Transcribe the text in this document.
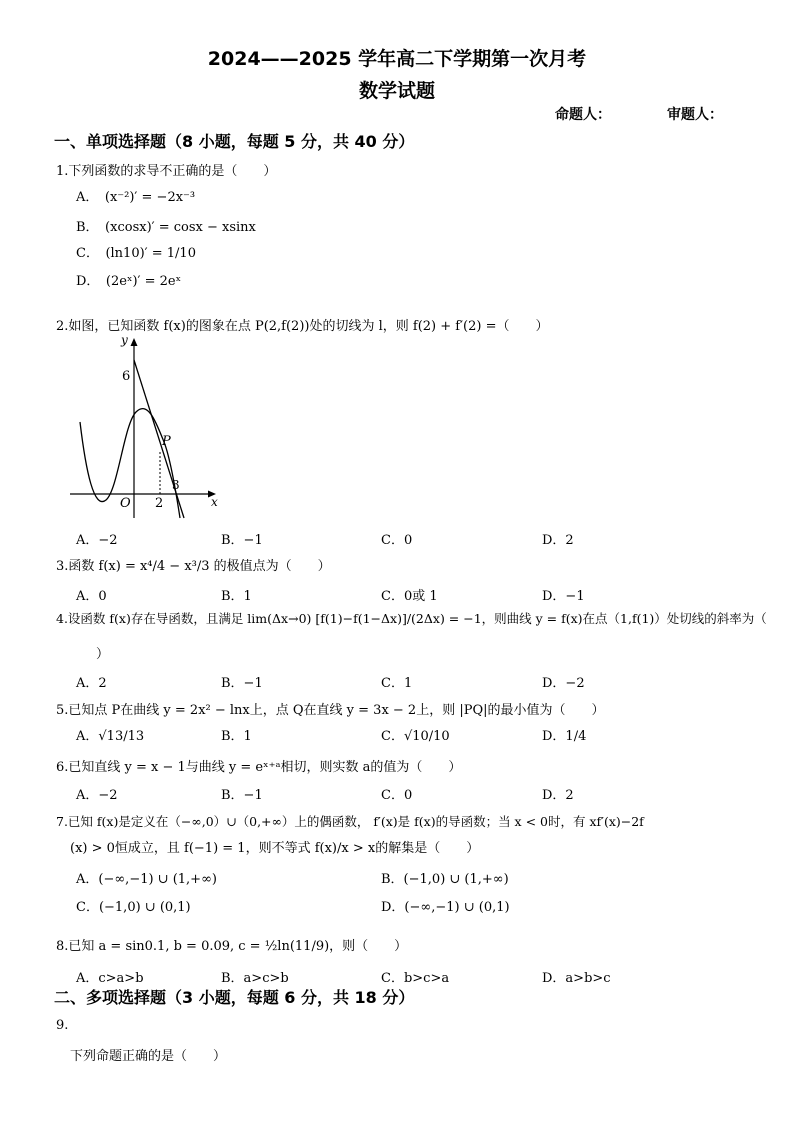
2024——2025 学年高二下学期第一次月考
数学试题
命题人：	审题人：
一、单项选择题（8 小题，每题 5 分，共 40 分）
1.下列函数的求导不正确的是（　　）
A．　(x⁻²)′ = −2x⁻³
B．　(xcosx)′ = cosx − xsinx
C．　(ln10)′ = 1/10
D．　(2eˣ)′ = 2eˣ
2.如图，已知函数 f(x)的图象在点 P(2,f(2))处的切线为 l，则 f(2) + f′(2) =（　　）
y
x
6
O 2
3
P
A．−2	B．−1	C．0	D．2
3.函数 f(x) = x⁴/4 − x³/3 的极值点为（　　）
A．0	B．1	C．0或 1	D．−1
4.设函数 f(x)存在导函数，且满足 lim(Δx→0) [f(1)−f(1−Δx)]/(2Δx) = −1，则曲线 y = f(x)在点（1,f(1)）处切线的斜率为（
）
A．2	B．−1	C．1	D．−2
5.已知点 P在曲线 y = 2x² − lnx上，点 Q在直线 y = 3x − 2上，则 |PQ|的最小值为（　　）
A．√13/13	B．1	C．√10/10	D．1/4
6.已知直线 y = x − 1与曲线 y = eˣ⁺ᵃ相切，则实数 a的值为（　　）
A．−2	B．−1	C．0	D．2
7.已知 f(x)是定义在（−∞,0）∪（0,+∞）上的偶函数， f′(x)是 f(x)的导函数；当 x < 0时，有 xf′(x)−2f
(x) > 0恒成立，且 f(−1) = 1，则不等式 f(x)/x > x的解集是（　　）
A．(−∞,−1) ∪ (1,+∞)	B．(−1,0) ∪ (1,+∞)
C．(−1,0) ∪ (0,1)	D．(−∞,−1) ∪ (0,1)
8.已知 a = sin0.1, b = 0.09, c = ½ln(11/9)，则（　　）
A．c>a>b	B．a>c>b	C．b>c>a	D．a>b>c
二、多项选择题（3 小题，每题 6 分，共 18 分）
9.
下列命题正确的是（　　）
